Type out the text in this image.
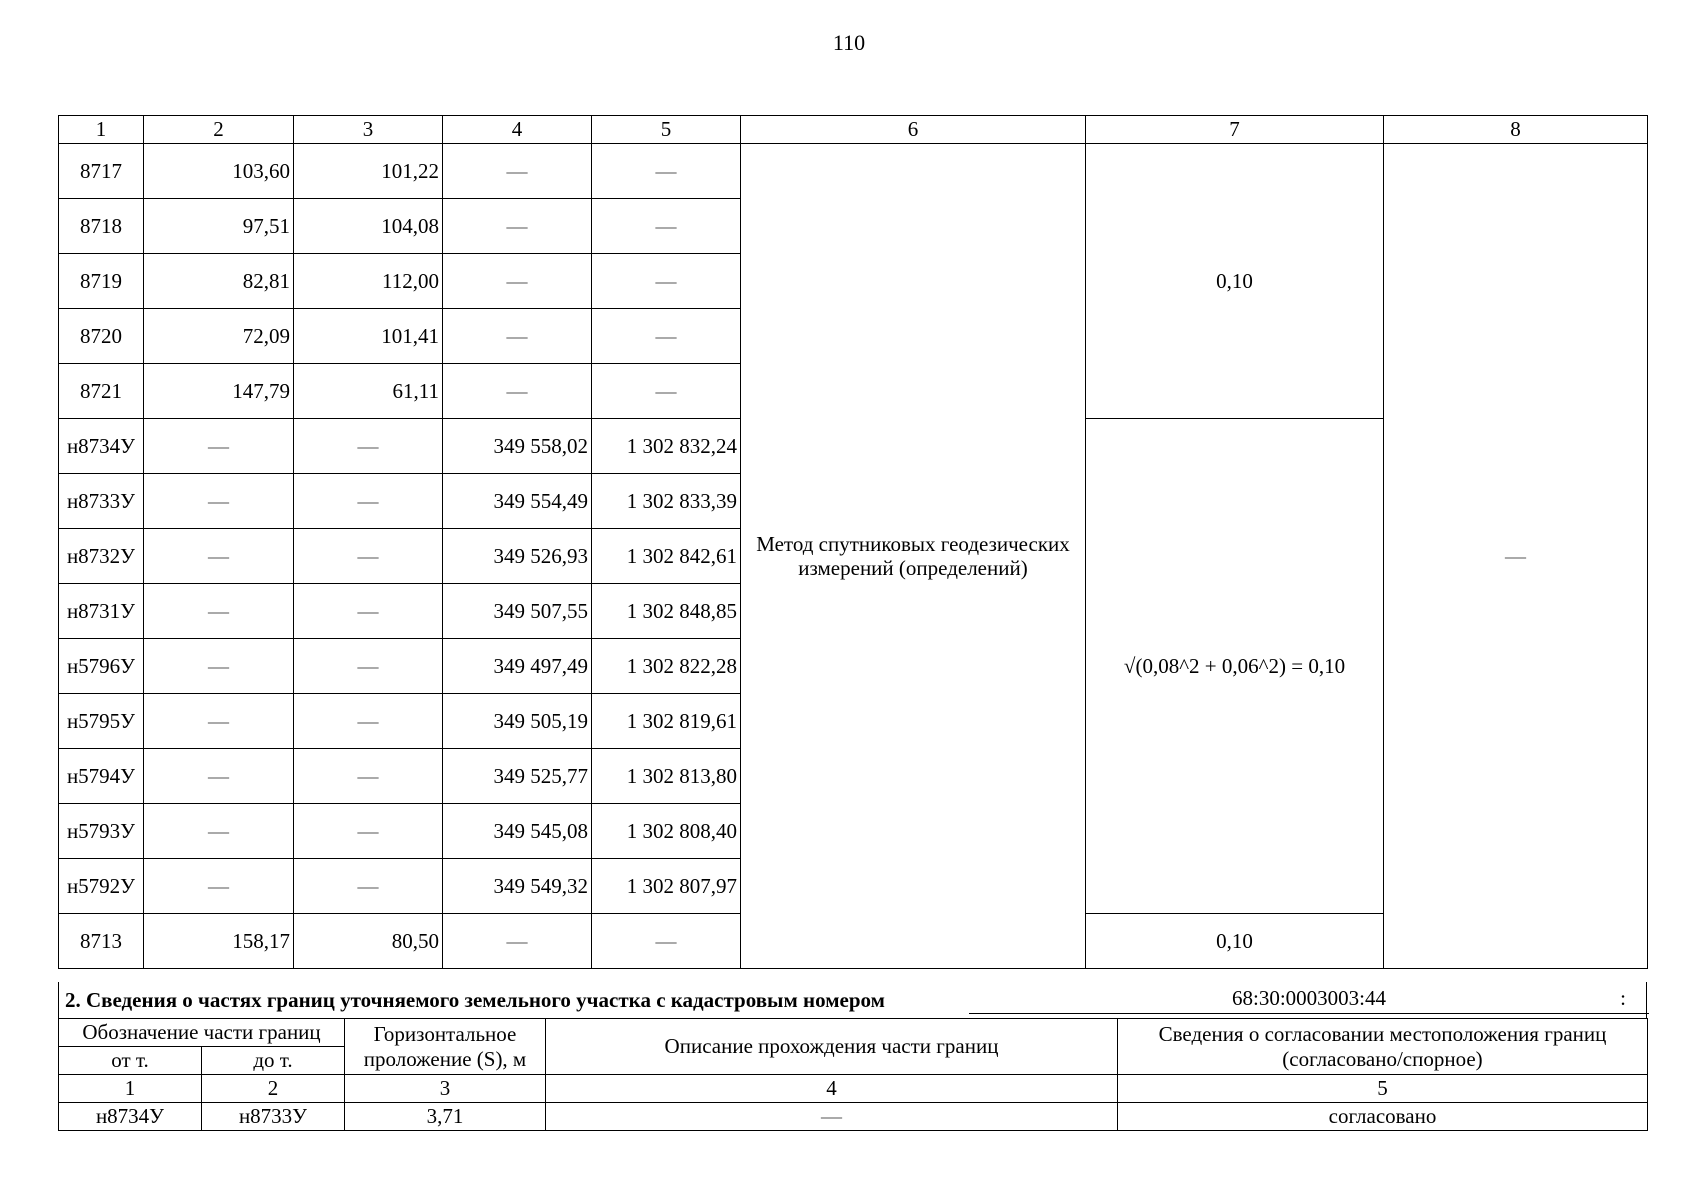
110
1	2	3	4	5	6	7	8
8717	103,60	101,22	—	—	Метод спутниковых геодезических измерений (определений)	0,10	—
8718	97,51	104,08	—	—			
8719	82,81	112,00	—	—			
8720	72,09	101,41	—	—			
8721	147,79	61,11	—	—			
н8734У	—	—	349 558,02	1 302 832,24		√(0,08^2 + 0,06^2) = 0,10	
н8733У	—	—	349 554,49	1 302 833,39			
н8732У	—	—	349 526,93	1 302 842,61			
н8731У	—	—	349 507,55	1 302 848,85			
н5796У	—	—	349 497,49	1 302 822,28			
н5795У	—	—	349 505,19	1 302 819,61			
н5794У	—	—	349 525,77	1 302 813,80			
н5793У	—	—	349 545,08	1 302 808,40			
н5792У	—	—	349 549,32	1 302 807,97			
8713	158,17	80,50	—	—		0,10	
2. Сведения о частях границ уточняемого земельного участка с кадастровым номером	68:30:0003003:44	:
Обозначение части границ		Горизонтальное проложение (S), м	Описание прохождения части границ	Сведения о согласовании местоположения границ (согласовано/спорное)
от т.	до т.			
1	2	3	4	5
н8734У	н8733У	3,71	—	согласовано
